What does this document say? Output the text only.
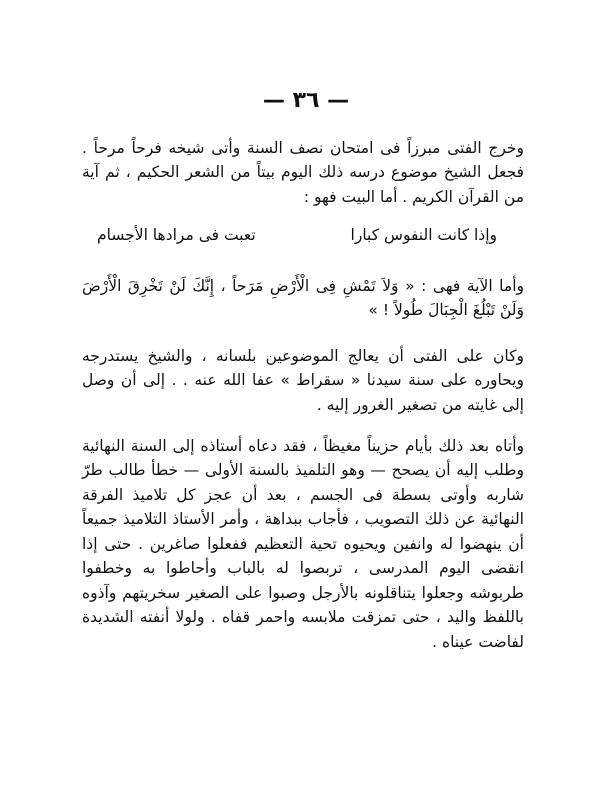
— ٣٦ —

وخرج الفتى مبرزاً فى امتحان نصف السنة وأتى شيخه فرحاً مرحاً . فجعل الشيخ موضوع درسه ذلك اليوم بيتاً من الشعر الحكيم ، ثم آية من القرآن الكريم . أما البيت فهو :

وإذا كانت النفوس كبارا
تعبت فى مرادها الأجسام

وأما الآية فهى : « وَلاَ تَمْشِ فِى الْأَرْضِ مَرَحاً ، إِنَّكَ لَنْ تَخْرِقَ الْأَرْضَ وَلَنْ تَبْلُغَ الْجِبَالَ طُولاً ! »

وكان على الفتى أن يعالج الموضوعين بلسانه ، والشيخ يستدرجه ويحاوره على سنة سيدنا « سقراط » عفا الله عنه . . إلى أن وصل إلى غايته من تصغير الغرور إليه .

وأتاه بعد ذلك بأيام حزيناً مغيظاً ، فقد دعاه أستاذه إلى السنة النهائية وطلب إليه أن يصحح — وهو التلميذ بالسنة الأولى — خطأ طالب طرّ شاربه وأوتى بسطة فى الجسم ، بعد أن عجز كل تلاميذ الفرقة النهائية عن ذلك التصويب ، فأجاب ببداهة ، وأمر الأستاذ التلاميذ جميعاً أن ينهضوا له وانفين ويحيوه تحية التعظيم ففعلوا صاغرين . حتى إذا انقضى اليوم المدرسى ، تربصوا له بالباب وأحاطوا به وخطفوا طربوشه وجعلوا يتناقلونه بالأرجل وصبوا على الصغير سخريتهم وآذوه باللفظ واليد ، حتى تمزقت ملابسه واحمر قفاه . ولولا أنفته الشديدة لفاضت عيناه .
